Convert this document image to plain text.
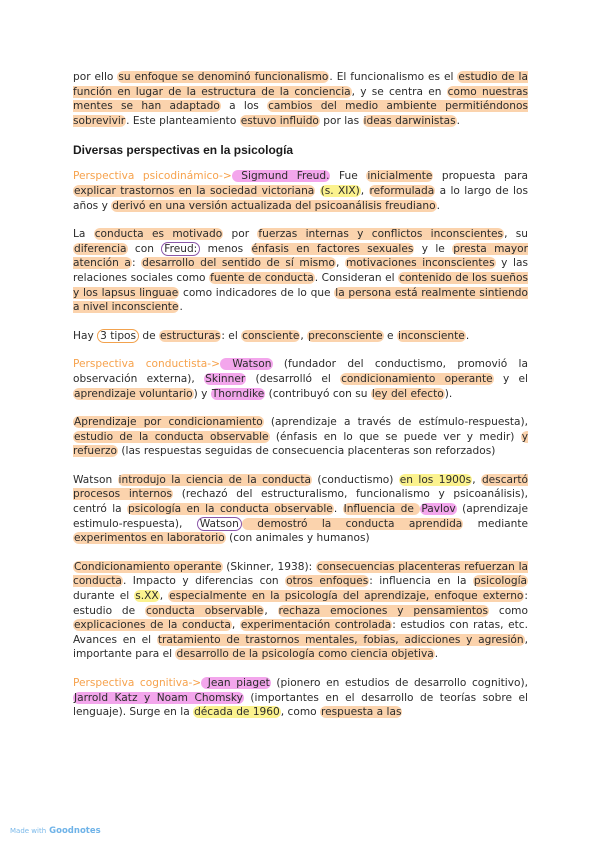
por ello su enfoque se denominó funcionalismo. El funcionalismo es el estudio de la función en lugar de la estructura de la conciencia, y se centra en como nuestras mentes se han adaptado a los cambios del medio ambiente permitiéndonos sobrevivir. Este planteamiento estuvo influido por las ideas darwinistas.

Diversas perspectivas en la psicología

Perspectiva psicodinámico-> Sigmund Freud. Fue inicialmente propuesta para explicar trastornos en la sociedad victoriana (s. XIX), reformulada a lo largo de los años y derivó en una versión actualizada del psicoanálisis freudiano.

La conducta es motivado por fuerzas internas y conflictos inconscientes, su diferencia con Freud: menos énfasis en factores sexuales y le presta mayor atención a: desarrollo del sentido de sí mismo, motivaciones inconscientes y las relaciones sociales como fuente de conducta. Consideran el contenido de los sueños y los lapsus linguae como indicadores de lo que la persona está realmente sintiendo a nivel inconsciente.

Hay 3 tipos de estructuras: el consciente, preconsciente e inconsciente.

Perspectiva conductista-> Watson (fundador del conductismo, promovió la observación externa), Skinner (desarrolló el condicionamiento operante y el aprendizaje voluntario) y Thorndike (contribuyó con su ley del efecto).

Aprendizaje por condicionamiento (aprendizaje a través de estímulo-respuesta), estudio de la conducta observable (énfasis en lo que se puede ver y medir) y refuerzo (las respuestas seguidas de consecuencia placenteras son reforzados)

Watson introdujo la ciencia de la conducta (conductismo) en los 1900s, descartó procesos internos (rechazó del estructuralismo, funcionalismo y psicoanálisis), centró la psicología en la conducta observable. Influencia de Pavlov (aprendizaje estimulo-respuesta), Watson demostró la conducta aprendida mediante experimentos en laboratorio (con animales y humanos)

Condicionamiento operante (Skinner, 1938): consecuencias placenteras refuerzan la conducta. Impacto y diferencias con otros enfoques: influencia en la psicología durante el s.XX, especialmente en la psicología del aprendizaje, enfoque externo: estudio de conducta observable, rechaza emociones y pensamientos como explicaciones de la conducta, experimentación controlada: estudios con ratas, etc. Avances en el tratamiento de trastornos mentales, fobias, adicciones y agresión, importante para el desarrollo de la psicología como ciencia objetiva.

Perspectiva cognitiva-> Jean piaget (pionero en estudios de desarrollo cognitivo), Jarrold Katz y Noam Chomsky (importantes en el desarrollo de teorías sobre el lenguaje). Surge en la década de 1960, como respuesta a las

Made with Goodnotes
